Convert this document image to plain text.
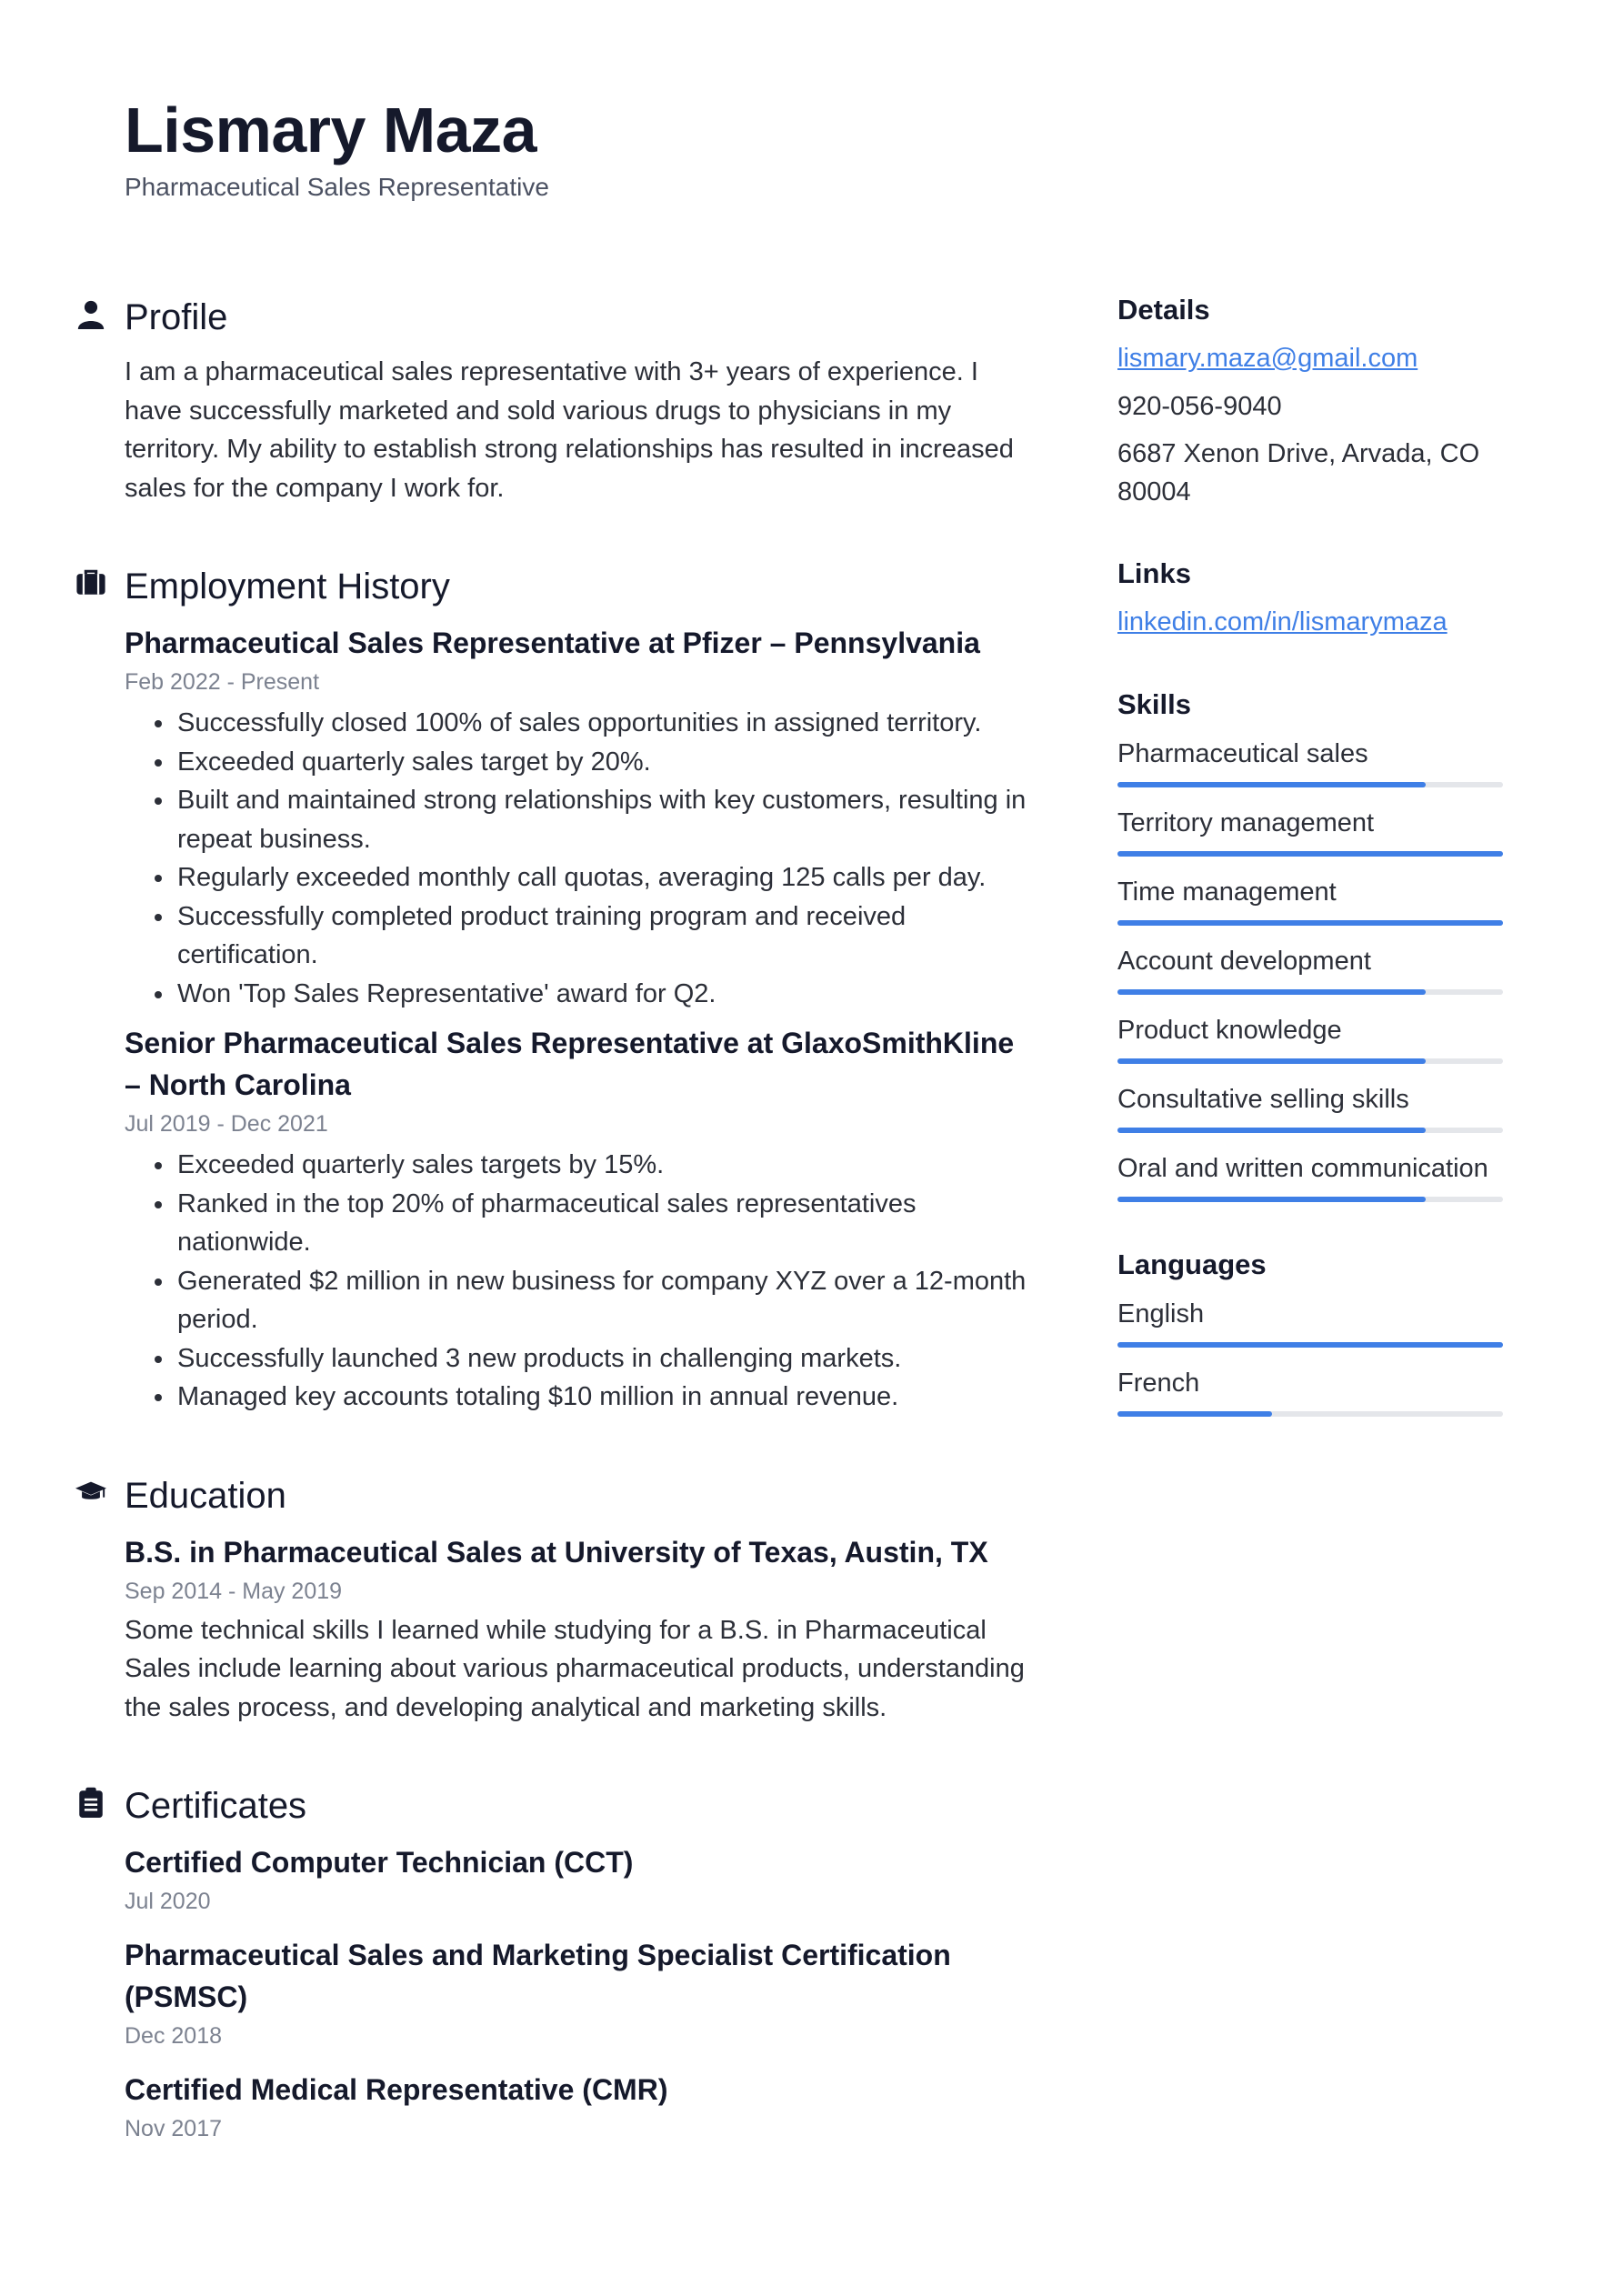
Lismary Maza
Pharmaceutical Sales Representative
Profile
I am a pharmaceutical sales representative with 3+ years of experience. I have successfully marketed and sold various drugs to physicians in my territory. My ability to establish strong relationships has resulted in increased sales for the company I work for.
Employment History
Pharmaceutical Sales Representative at Pfizer – Pennsylvania
Feb 2022 - Present
• Successfully closed 100% of sales opportunities in assigned territory.
• Exceeded quarterly sales target by 20%.
• Built and maintained strong relationships with key customers, resulting in repeat business.
• Regularly exceeded monthly call quotas, averaging 125 calls per day.
• Successfully completed product training program and received certification.
• Won 'Top Sales Representative' award for Q2.
Senior Pharmaceutical Sales Representative at GlaxoSmithKline – North Carolina
Jul 2019 - Dec 2021
• Exceeded quarterly sales targets by 15%.
• Ranked in the top 20% of pharmaceutical sales representatives nationwide.
• Generated $2 million in new business for company XYZ over a 12-month period.
• Successfully launched 3 new products in challenging markets.
• Managed key accounts totaling $10 million in annual revenue.
Education
B.S. in Pharmaceutical Sales at University of Texas, Austin, TX
Sep 2014 - May 2019
Some technical skills I learned while studying for a B.S. in Pharmaceutical Sales include learning about various pharmaceutical products, understanding the sales process, and developing analytical and marketing skills.
Certificates
Certified Computer Technician (CCT)
Jul 2020
Pharmaceutical Sales and Marketing Specialist Certification (PSMSC)
Dec 2018
Certified Medical Representative (CMR)
Nov 2017
Details
lismary.maza@gmail.com
920-056-9040
6687 Xenon Drive, Arvada, CO 80004
Links
linkedin.com/in/lismarymaza
Skills
Pharmaceutical sales
Territory management
Time management
Account development
Product knowledge
Consultative selling skills
Oral and written communication
Languages
English
French
